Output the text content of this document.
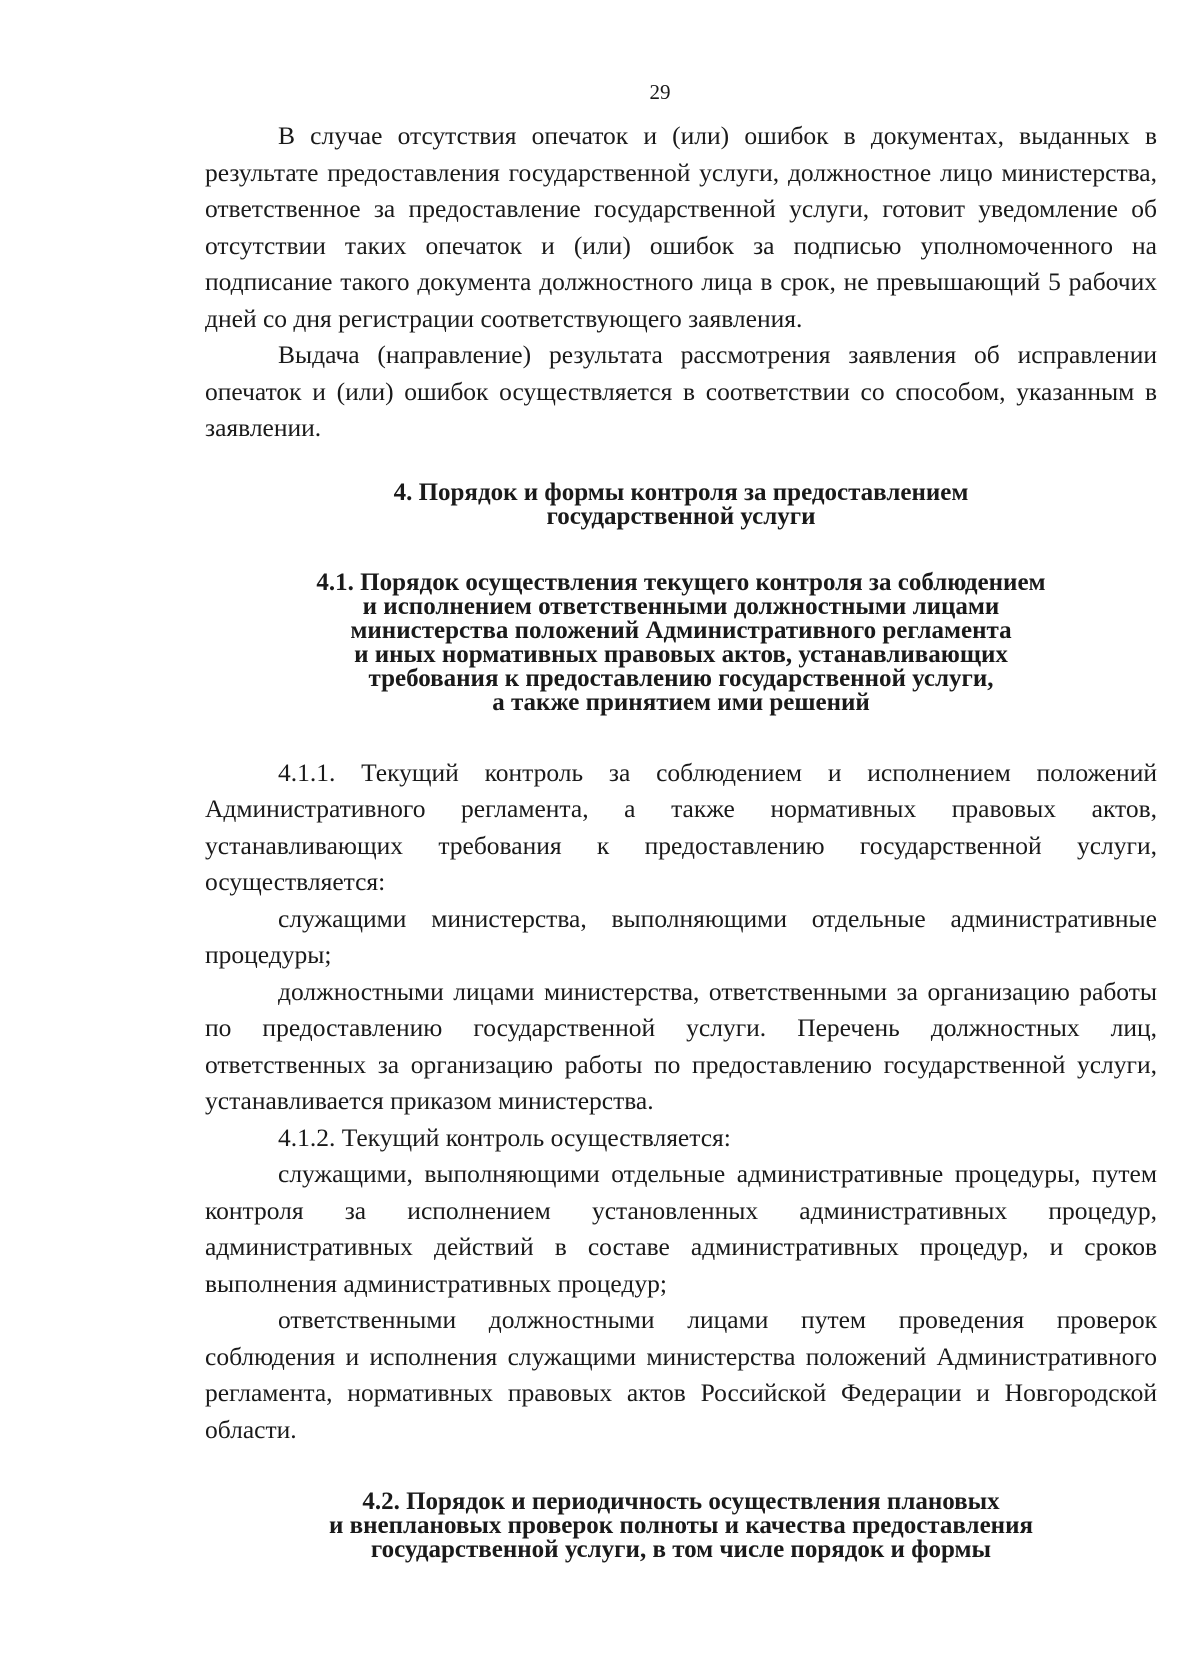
29

В случае отсутствия опечаток и (или) ошибок в документах, выданных в результате предоставления государственной услуги, должностное лицо министерства, ответственное за предоставление государственной услуги, готовит уведомление об отсутствии таких опечаток и (или) ошибок за подписью уполномоченного на подписание такого документа должностного лица в срок, не превышающий 5 рабочих дней со дня регистрации соответствующего заявления.

Выдача (направление) результата рассмотрения заявления об исправлении опечаток и (или) ошибок осуществляется в соответствии со способом, указанным в заявлении.

4. Порядок и формы контроля за предоставлением
государственной услуги
4.1. Порядок осуществления текущего контроля за соблюдением
и исполнением ответственными должностными лицами
министерства положений Административного регламента
и иных нормативных правовых актов, устанавливающих
требования к предоставлению государственной услуги,
а также принятием ими решений

4.1.1. Текущий контроль за соблюдением и исполнением положений Административного регламента, а также нормативных правовых актов, устанавливающих требования к предоставлению государственной услуги, осуществляется:

служащими министерства, выполняющими отдельные административные процедуры;

должностными лицами министерства, ответственными за организацию работы по предоставлению государственной услуги. Перечень должностных лиц, ответственных за организацию работы по предоставлению государственной услуги, устанавливается приказом министерства.

4.1.2. Текущий контроль осуществляется:

служащими, выполняющими отдельные административные процедуры, путем контроля за исполнением установленных административных процедур, административных действий в составе административных процедур, и сроков выполнения административных процедур;

ответственными должностными лицами путем проведения проверок соблюдения и исполнения служащими министерства положений Административного регламента, нормативных правовых актов Российской Федерации и Новгородской области.

4.2. Порядок и периодичность осуществления плановых
и внеплановых проверок полноты и качества предоставления
государственной услуги, в том числе порядок и формы
